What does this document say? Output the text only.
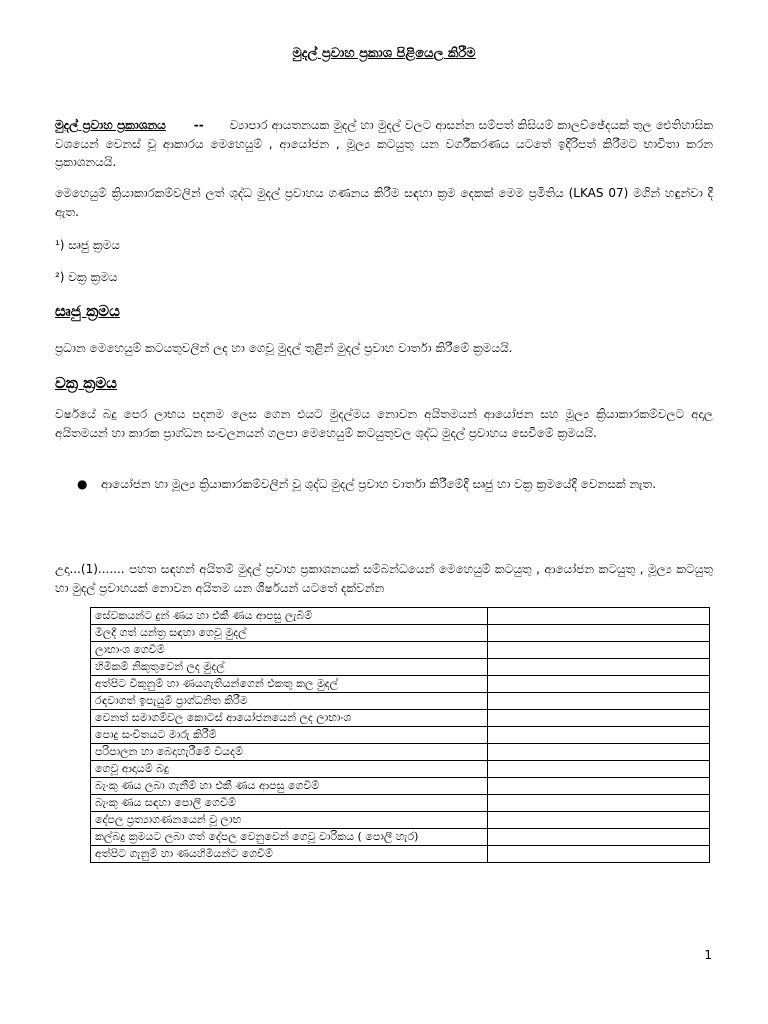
මුදල් ප්‍රවාහ ප්‍රකාශ පිළියෙල කිරීම
මුදල් ප්‍රවාහ ප්‍රකාශනය -- ව්‍යාපාර ආයතනයක මුදල් හා මුදල් වලට ආසන්න සම්පත් කිසියම් කාලච්ඡේදයක් තුල ඓතිහාසික වශයෙන් වෙනස් වූ ආකාරය මෙහෙයුම් , ආයෝජන , මූල්‍ය කටයුතු යන වර්ගීකරණය යටතේ ඉදිරිපත් කිරීමට භාවිතා කරන ප්‍රකාශනයයි.
මෙහෙයුම් ක්‍රියාකාරකම්වලින් ලත් ශුද්ධ මුදල් ප්‍රවාහය ගණනය කිරීම සඳහා ක්‍රම දෙකක් මෙම ප්‍රමිතිය (LKAS 07) මගින් හඳුන්වා දී ඇත.
¹) සෘජු ක්‍රමය
²) වක්‍ර ක්‍රමය
සෘජු ක්‍රමය
ප්‍රධාන මෙහෙයුම් කටයතුවලින් ලද හා ගෙවූ මුදල් තුළින් මුදල් ප්‍රවාහ වාර්තා කිරීමේ ක්‍රමයයි.
වක්‍ර ක්‍රමය
වර්ෂයේ බදු පෙර ලාභය පදනම ලෙස ගෙන එයට මුදල්මය නොවන අයිතමයන් ආයෝජන සහ මූල්‍ය ක්‍රියාකාරකම්වලට අදාල අයිතමයන් හා කාරක ප්‍රාග්ධන සංචලනයන් ගලපා මෙහෙයුම් කටයුතුවල ශුද්ධ මුදල් ප්‍රවාහය සෙවීමේ ක්‍රමයයි.
●	ආයෝජන හා මූල්‍ය ක්‍රියාකාරකම්වලින් වූ ශුද්ධ මුදල් ප්‍රවාහ වාර්තා කිරීමේදී සෘජු හා වක්‍ර ක්‍රමයේදී වෙනසක් නැත.
උදා...(1)....... පහත සඳහන් අයිතම් මුදල් ප්‍රවාහ ප්‍රකාශනයක් සම්බන්ධයෙන් මෙහෙයුම් කටයුතු , ආයෝජන කටයුතු , මූල්‍ය කටයුතු හා මුදල් ප්‍රවාහයක් නොවන අයිතම යන ශීර්ෂයන් යටතේ දක්වන්න
සේවකයන්ට දුන් ණය හා එකී ණය ආපසු ලැබීම්	
මිලදී ගත් යන්ත්‍ර සඳහා ගෙවූ මුදල්	
ලාභාංශ ගෙවීම්	
හිමිකම් නිකුතුවෙන් ලද මුදල්	
අත්පිට විකුනුම් හා ණයගැතියන්ගෙන් එකතු කල මුදල්	
රඳවාගත් ඉපැයුම් ප්‍රාග්ධනිත කිරීම	
වෙනත් සමාගම්වල කොටස් ආයෝජනයෙන් ලද ලාභාංශ	
පොදු සංචිතයට මාරු කිරීම්	
පරිපාලන හා බෙදාහැරීමේ වියදම්	
ගෙවූ ආදායම් බදු	
බැංකු ණය ලබා ගැනීම් හා එකී ණය ආපසු ගෙවීම්	
බැංකු ණය සඳහා පොලී ගෙවීම්	
දේපල ප්‍රත්‍යාගණනයෙන් වූ ලාභ	
කල්බදු ක්‍රමයට ලබා ගත් දේපල වෙනුවෙන් ගෙවූ වාරිකය ( පොලී හැර)	
අත්පිට ගැනුම් හා ණයහිමියන්ට ගෙවීම්	
1
